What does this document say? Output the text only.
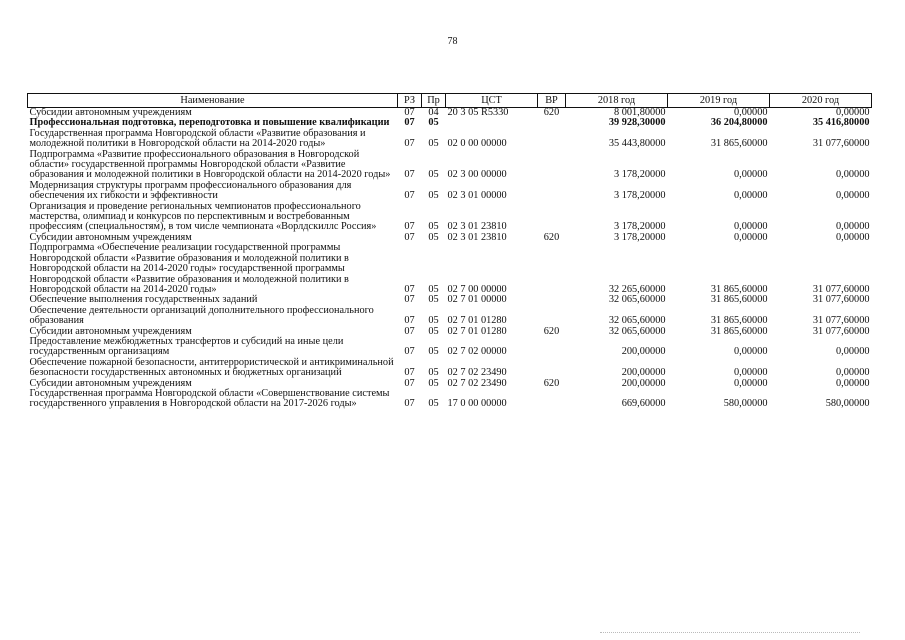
78
Наименование	РЗ	Пр	ЦСТ	ВР	2018 год	2019 год	2020 год
Субсидии автономным учреждениям	07	04	20 3 05 R5330	620	8 001,80000	0,00000	0,00000
Профессиональная подготовка, переподготовка и повышение квалификации	07	05			39 928,30000	36 204,80000	35 416,80000
Государственная программа Новгородской области «Развитие образования и молодежной политики в Новгородской области на 2014-2020 годы»	07	05	02 0 00 00000		35 443,80000	31 865,60000	31 077,60000
Подпрограмма «Развитие профессионального образования в Новгородской области» государственной программы Новгородской области «Развитие образования и молодежной политики в Новгородской области на 2014-2020 годы»	07	05	02 3 00 00000		3 178,20000	0,00000	0,00000
Модернизация структуры программ профессионального образования для обеспечения их гибкости и эффективности	07	05	02 3 01 00000		3 178,20000	0,00000	0,00000
Организация и проведение региональных чемпионатов профессионального мастерства, олимпиад и конкурсов по перспективным и востребованным профессиям (специальностям), в том числе чемпионата «Ворлдскиллс Россия»	07	05	02 3 01 23810		3 178,20000	0,00000	0,00000
Субсидии автономным учреждениям	07	05	02 3 01 23810	620	3 178,20000	0,00000	0,00000
Подпрограмма «Обеспечение реализации государственной программы Новгородской области «Развитие образования и молодежной политики в Новгородской области на 2014-2020 годы» государственной программы Новгородской области «Развитие образования и молодежной политики в Новгородской области на 2014-2020 годы»	07	05	02 7 00 00000		32 265,60000	31 865,60000	31 077,60000
Обеспечение выполнения государственных заданий	07	05	02 7 01 00000		32 065,60000	31 865,60000	31 077,60000
Обеспечение деятельности организаций дополнительного профессионального образования	07	05	02 7 01 01280		32 065,60000	31 865,60000	31 077,60000
Субсидии автономным учреждениям	07	05	02 7 01 01280	620	32 065,60000	31 865,60000	31 077,60000
Предоставление межбюджетных трансфертов и субсидий на иные цели государственным организациям	07	05	02 7 02 00000		200,00000	0,00000	0,00000
Обеспечение пожарной безопасности, антитеррористической и антикриминальной безопасности государственных автономных и бюджетных организаций	07	05	02 7 02 23490		200,00000	0,00000	0,00000
Субсидии автономным учреждениям	07	05	02 7 02 23490	620	200,00000	0,00000	0,00000
Государственная программа Новгородской области «Совершенствование системы государственного управления в Новгородской области на 2017-2026 годы»	07	05	17 0 00 00000		669,60000	580,00000	580,00000
